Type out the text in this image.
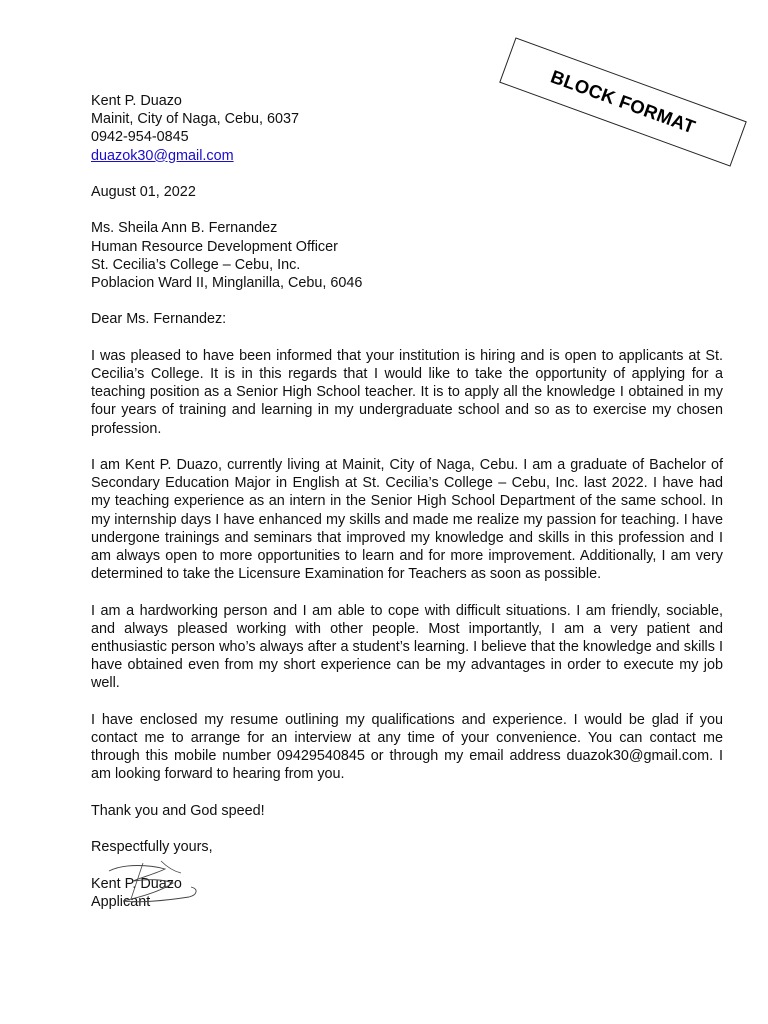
BLOCK FORMAT
Kent P. Duazo
Mainit, City of Naga, Cebu, 6037
0942-954-0845
duazok30@gmail.com
August 01, 2022
Ms. Sheila Ann B. Fernandez
Human Resource Development Officer
St. Cecilia’s College – Cebu, Inc.
Poblacion Ward II, Minglanilla, Cebu, 6046
Dear Ms. Fernandez:

I was pleased to have been informed that your institution is hiring and is open to applicants at St. Cecilia’s College. It is in this regards that I would like to take the opportunity of applying for a teaching position as a Senior High School teacher. It is to apply all the knowledge I obtained in my four years of training and learning in my undergraduate school and so as to exercise my chosen profession.

I am Kent P. Duazo, currently living at Mainit, City of Naga, Cebu. I am a graduate of Bachelor of Secondary Education Major in English at St. Cecilia’s College – Cebu, Inc. last 2022. I have had my teaching experience as an intern in the Senior High School Department of the same school. In my internship days I have enhanced my skills and made me realize my passion for teaching. I have undergone trainings and seminars that improved my knowledge and skills in this profession and I am always open to more opportunities to learn and for more improvement. Additionally, I am very determined to take the Licensure Examination for Teachers as soon as possible.

I am a hardworking person and I am able to cope with difficult situations. I am friendly, sociable, and always pleased working with other people. Most importantly, I am a very patient and enthusiastic person who’s always after a student’s learning. I believe that the knowledge and skills I have obtained even from my short experience can be my advantages in order to execute my job well.

I have enclosed my resume outlining my qualifications and experience. I would be glad if you contact me to arrange for an interview at any time of your convenience. You can contact me through this mobile number 09429540845 or through my email address duazok30@gmail.com. I am looking forward to hearing from you.

Thank you and God speed!
Respectfully yours,
Kent P. Duazo
Applicant
